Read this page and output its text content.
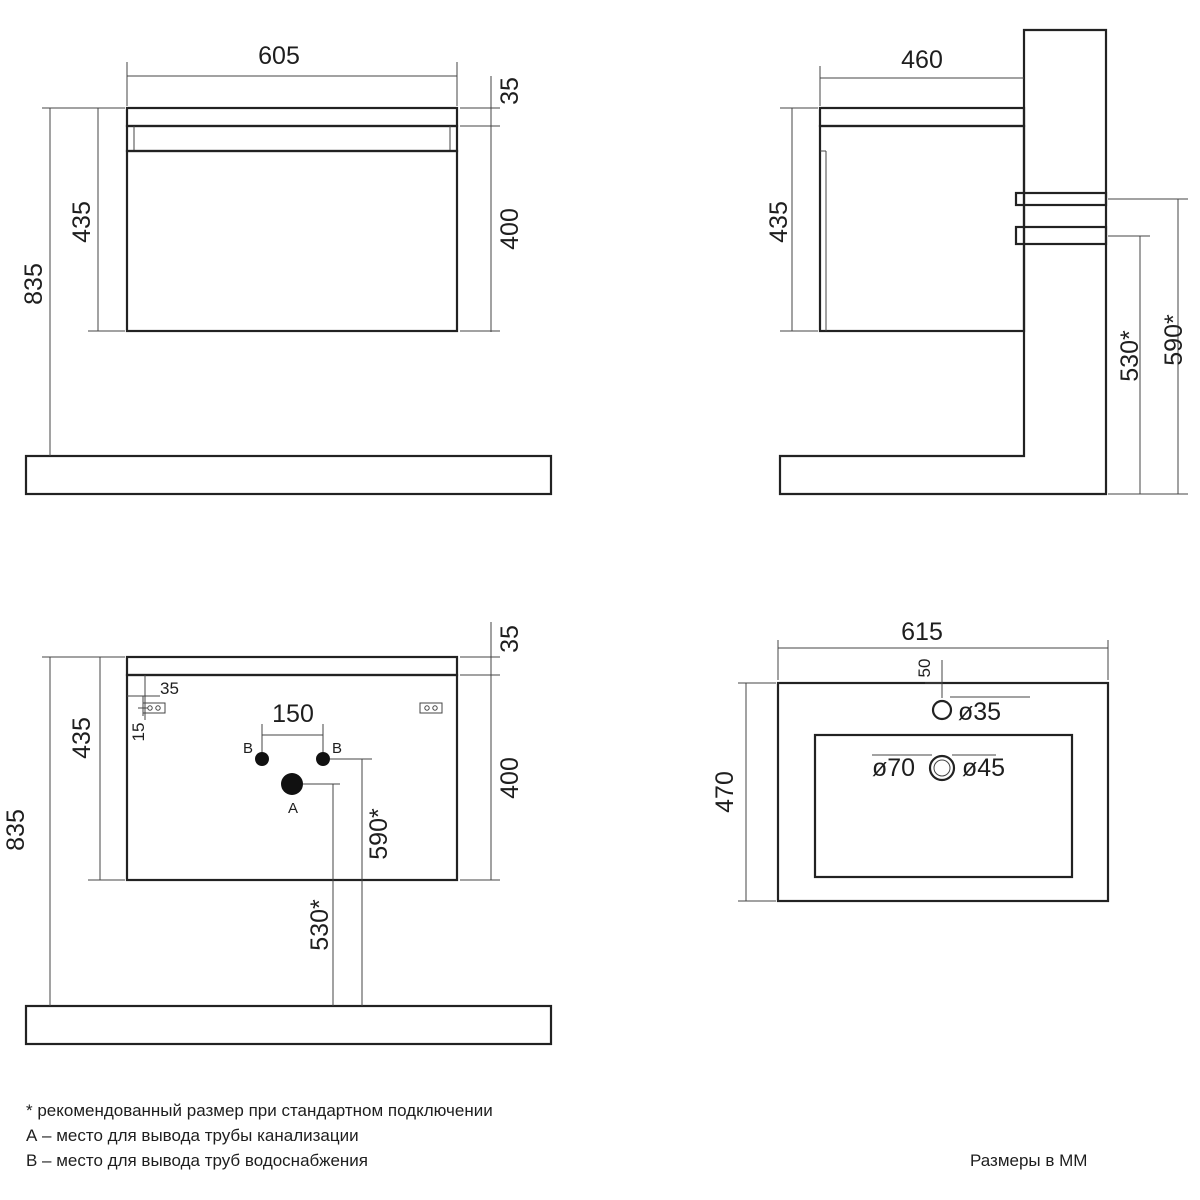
605
35
400
435
835
460
435
530* 590*
35
15
B	B
A
150
590*
530*
35
400
435
835
615
470
50
ø35
ø70 ø45
* рекомендованный размер при стандартном подключении
А – место для вывода трубы канализации
В – место для вывода труб водоснабжения	Размеры в ММ
